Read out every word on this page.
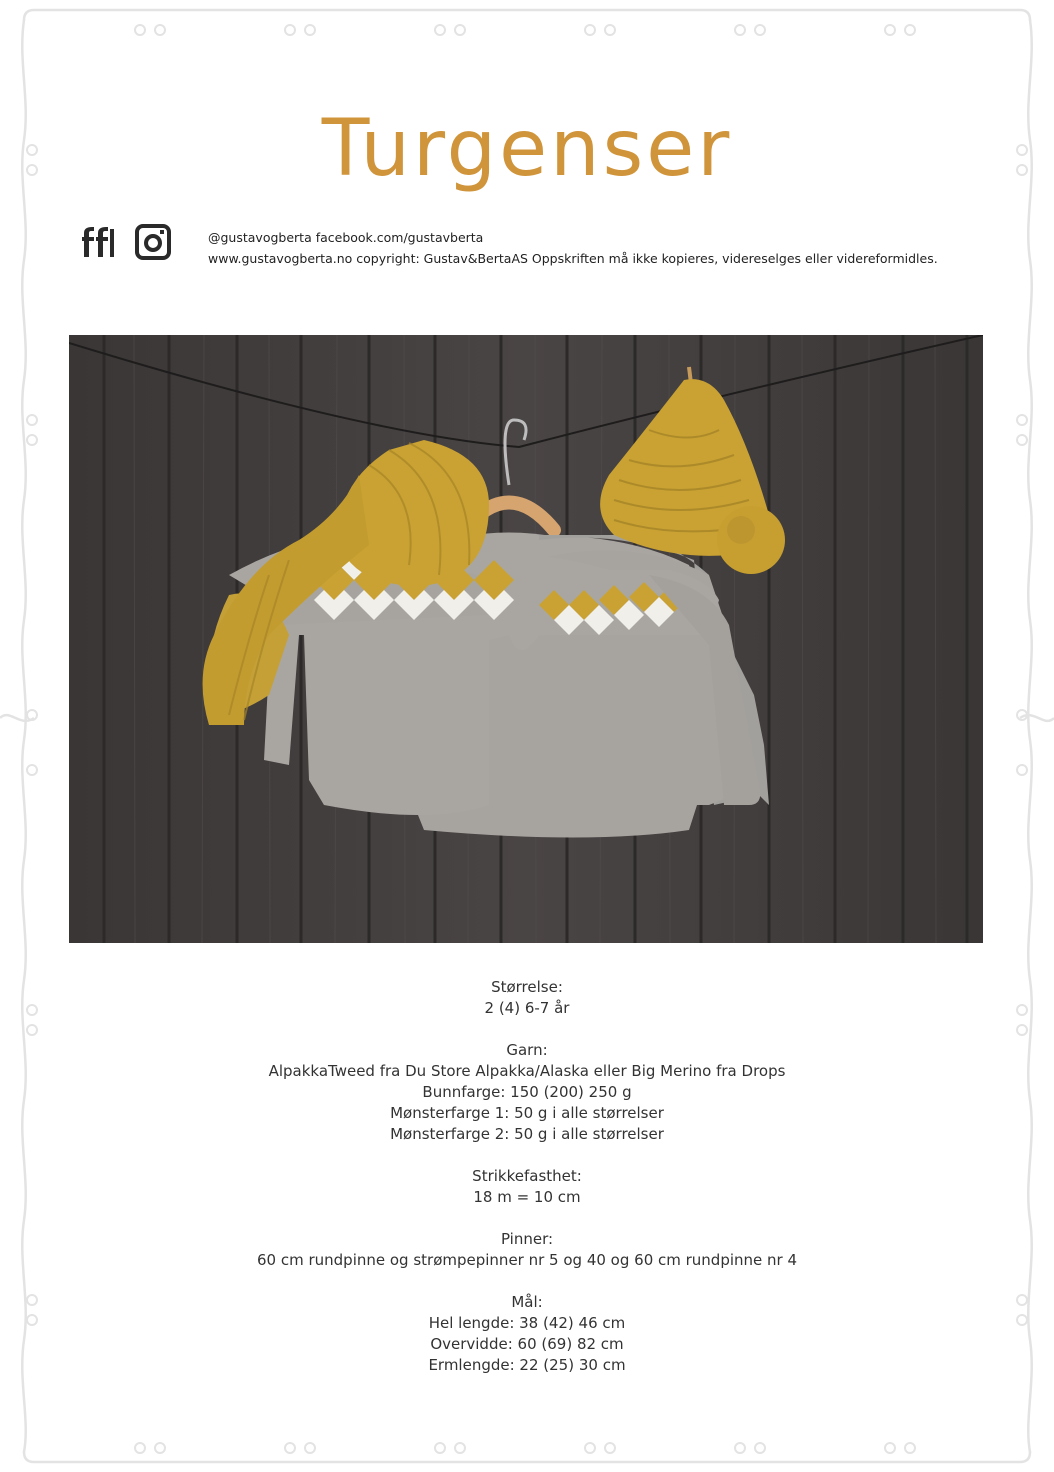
Turgenser
@gustavogberta facebook.com/gustavberta
www.gustavogberta.no copyright: Gustav&BertaAS Oppskriften må ikke kopieres, videreselges eller videreformidles.
Størrelse:
2 (4) 6-7 år
Garn:
AlpakkaTweed fra Du Store Alpakka/Alaska eller Big Merino fra Drops
Bunnfarge: 150 (200) 250 g
Mønsterfarge 1: 50 g i alle størrelser
Mønsterfarge 2: 50 g i alle størrelser
Strikkefasthet:
18 m = 10 cm
Pinner:
60 cm rundpinne og strømpepinner nr 5 og 40 og 60 cm rundpinne nr 4
Mål:
Hel lengde: 38 (42) 46 cm
Overvidde: 60 (69) 82 cm
Ermlengde: 22 (25) 30 cm
